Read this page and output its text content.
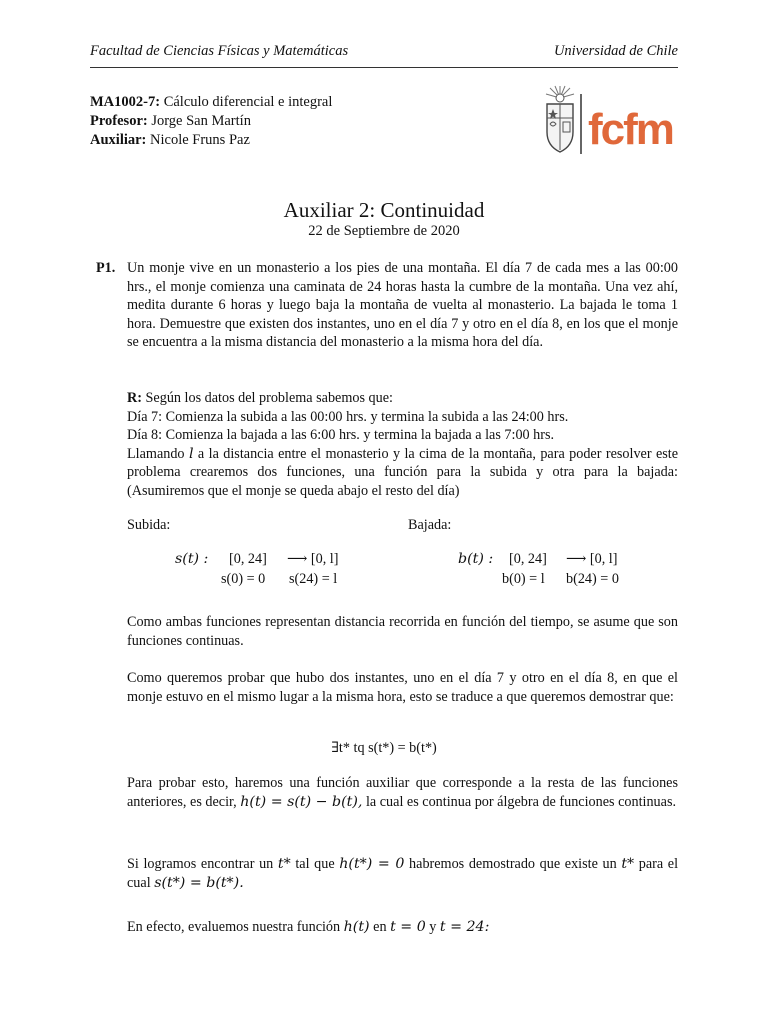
Facultad de Ciencias Físicas y Matemáticas	Universidad de Chile
MA1002-7: Cálculo diferencial e integral
Profesor: Jorge San Martín
Auxiliar: Nicole Fruns Paz	fcfm
Auxiliar 2: Continuidad
22 de Septiembre de 2020
P1. Un monje vive en un monasterio a los pies de una montaña. El día 7 de cada mes a las 00:00 hrs., el monje comienza una caminata de 24 horas hasta la cumbre de la montaña. Una vez ahí, medita durante 6 horas y luego baja la montaña de vuelta al monasterio. La bajada le toma 1 hora. Demuestre que existen dos instantes, uno en el día 7 y otro en el día 8, en los que el monje se encuentra a la misma distancia del monasterio a la misma hora del día.

R: Según los datos del problema sabemos que:

Día 7: Comienza la subida a las 00:00 hrs. y termina la subida a las 24:00 hrs.

Día 8: Comienza la bajada a las 6:00 hrs. y termina la bajada a las 7:00 hrs.

Llamando l a la distancia entre el monasterio y la cima de la montaña, para poder resolver este problema crearemos dos funciones, una función para la subida y otra para la bajada: (Asumiremos que el monje se queda abajo el resto del día)

Subida:	Bajada:
s(t) : [0, 24] ⟶ [0, l]
s(0) = 0 s(24) = l
b(t) : [0, 24] ⟶ [0, l]
b(0) = l b(24) = 0
Como ambas funciones representan distancia recorrida en función del tiempo, se asume que son funciones continuas.
Como queremos probar que hubo dos instantes, uno en el día 7 y otro en el día 8, en que el monje estuvo en el mismo lugar a la misma hora, esto se traduce a que queremos demostrar que:
∃t* tq s(t*) = b(t*)
Para probar esto, haremos una función auxiliar que corresponde a la resta de las funciones anteriores, es decir, h(t) = s(t) − b(t), la cual es continua por álgebra de funciones continuas.
Si logramos encontrar un t* tal que h(t*) = 0 habremos demostrado que existe un t* para el cual s(t*) = b(t*).
En efecto, evaluemos nuestra función h(t) en t = 0 y t = 24:
